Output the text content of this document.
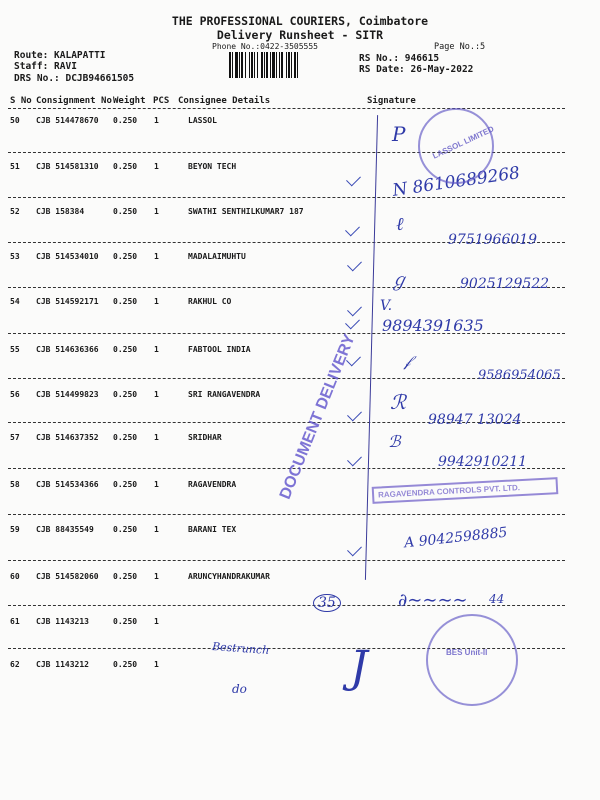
THE PROFESSIONAL COURIERS, Coimbatore
Delivery Runsheet - SITR
Phone No.:0422-3505555	Page No.:5
Route: KALAPATTI
Staff: RAVI
DRS No.: DCJB94661505
RS No.: 946615
RS Date: 26-May-2022
S No Consignment No Weight PCS Consignee Details	Signature
50 CJB 514478670 0.250 1	LASSOL
51 CJB 514581310 0.250 1	BEYON TECH
52 CJB 158384	0.250 1	SWATHI SENTHILKUMAR7 187
53 CJB 514534010 0.250 1	MADALAIMUHTU
54 CJB 514592171 0.250 1	RAKHUL CO
55 CJB 514636366 0.250 1	FABTOOL INDIA
56 CJB 514499823 0.250 1	SRI RANGAVENDRA
57 CJB 514637352 0.250 1	SRIDHAR
58 CJB 514534366 0.250 1	RAGAVENDRA
59 CJB 88435549 0.250 1	BARANI TEX
60 CJB 514582060 0.250 1	ARUNCYHANDRAKUMAR
61 CJB 1143213	0.250 1
62 CJB 1143212	0.250 1
P
N 8610689268
ℓ
9751966019
ℊ	9025129522
V.
9894391635
𝒻
9586954065
ℛ
98947 13024
ℬ
9942910211
A 9042598885
35	∂∼∼∼∼ 44
Bestrunch
do J
DOCUMENT DELIVERY
LASSOL LIMITED
RAGAVENDRA CONTROLS PVT. LTD.
BES Unit-II
